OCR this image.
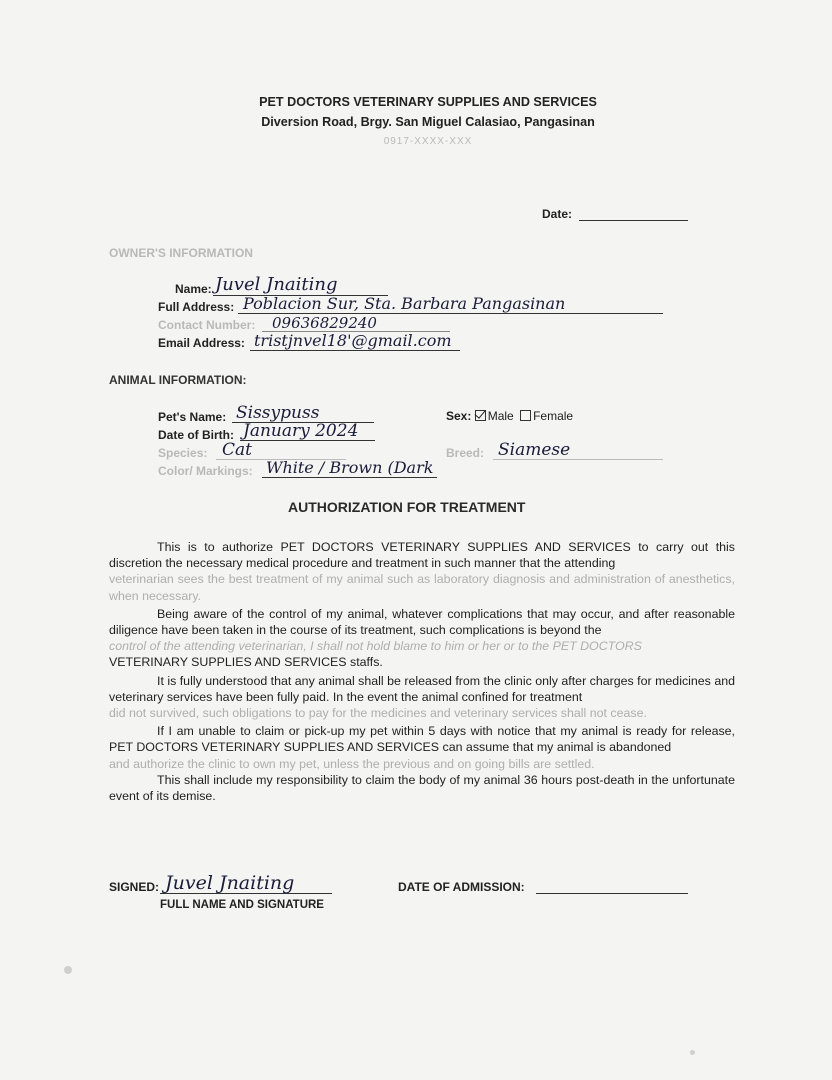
PET DOCTORS VETERINARY SUPPLIES AND SERVICES
Diversion Road, Brgy. San Miguel Calasiao, Pangasinan
0917-XXXX-XXX
Date:
OWNER'S INFORMATION
Name: Juvel Jnaiting
Full Address: Poblacion Sur, Sta. Barbara Pangasinan
Contact Number: 09636829240
Email Address: tristjnvel18'@gmail.com
ANIMAL INFORMATION:
Pet's Name: Sissypuss	Sex: Male Female
Date of Birth: January 2024
Species: Cat	Breed: Siamese
Color/ Markings: White / Brown (Dark
AUTHORIZATION FOR TREATMENT

This is to authorize PET DOCTORS VETERINARY SUPPLIES AND SERVICES to carry out this discretion the necessary medical procedure and treatment in such manner that the attending

veterinarian sees the best treatment of my animal such as laboratory diagnosis and administration of anesthetics, when necessary.

Being aware of the control of my animal, whatever complications that may occur, and after reasonable diligence have been taken in the course of its treatment, such complications is beyond the

control of the attending veterinarian, I shall not hold blame to him or her or to the PET DOCTORS

VETERINARY SUPPLIES AND SERVICES staffs.

It is fully understood that any animal shall be released from the clinic only after charges for medicines and veterinary services have been fully paid. In the event the animal confined for treatment

did not survived, such obligations to pay for the medicines and veterinary services shall not cease.

If I am unable to claim or pick-up my pet within 5 days with notice that my animal is ready for release, PET DOCTORS VETERINARY SUPPLIES AND SERVICES can assume that my animal is abandoned

and authorize the clinic to own my pet, unless the previous and on going bills are settled.

This shall include my responsibility to claim the body of my animal 36 hours post-death in the unfortunate event of its demise.

SIGNED: Juvel Jnaiting
FULL NAME AND SIGNATURE
DATE OF ADMISSION:
